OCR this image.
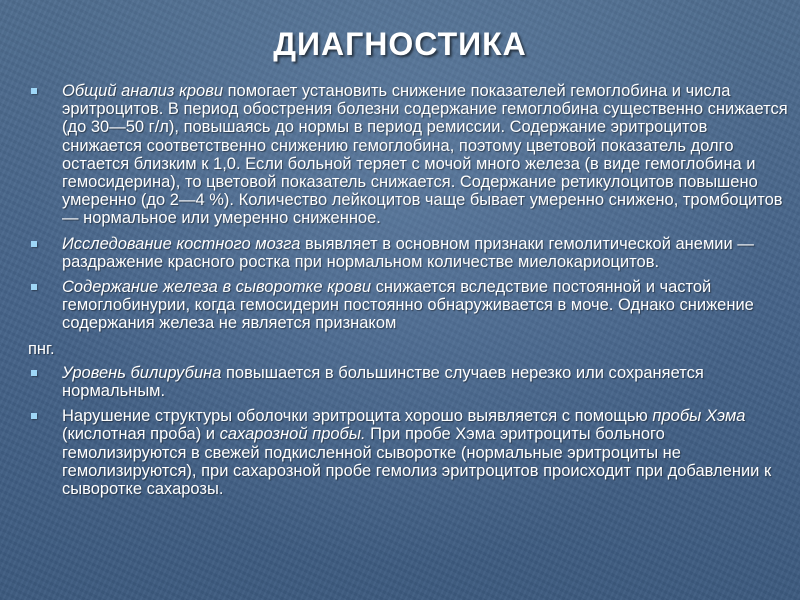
ДИАГНОСТИКА
Общий анализ крови помогает установить снижение показателей гемоглобина и числа эритроцитов. В период обострения болезни содержание гемоглобина существенно снижается (до 30—50 г/л), повышаясь до нормы в период ремиссии. Содержание эритроцитов снижается соответственно снижению гемоглобина, поэтому цветовой показатель долго остается близким к 1,0. Если больной теряет с мочой много железа (в виде гемоглобина и гемосидерина), то цветовой показатель снижается. Содержание ретикулоцитов повышено умеренно (до 2—4 %). Количество лейкоцитов чаще бывает умеренно снижено, тромбоцитов — нормальное или умеренно сниженное.
Исследование костного мозга выявляет в основном признаки гемолитической анемии — раздражение красного ростка при нормальном количестве миелокариоцитов.
Содержание железа в сыворотке крови снижается вследствие постоянной и частой гемоглобинурии, когда гемосидерин постоянно обнаруживается в моче. Однако снижение содержания железа не является признаком
пнг.
Уровень билирубина повышается в большинстве случаев нерезко или сохраняется нормальным.
Нарушение структуры оболочки эритроцита хорошо выявляется с помощью пробы Хэма (кислотная проба) и сахарозной пробы. При пробе Хэма эритроциты больного гемолизируются в свежей подкисленной сыворотке (нормальные эритроциты не гемолизируются), при сахарозной пробе гемолиз эритроцитов происходит при добавлении к сыворотке сахарозы.
